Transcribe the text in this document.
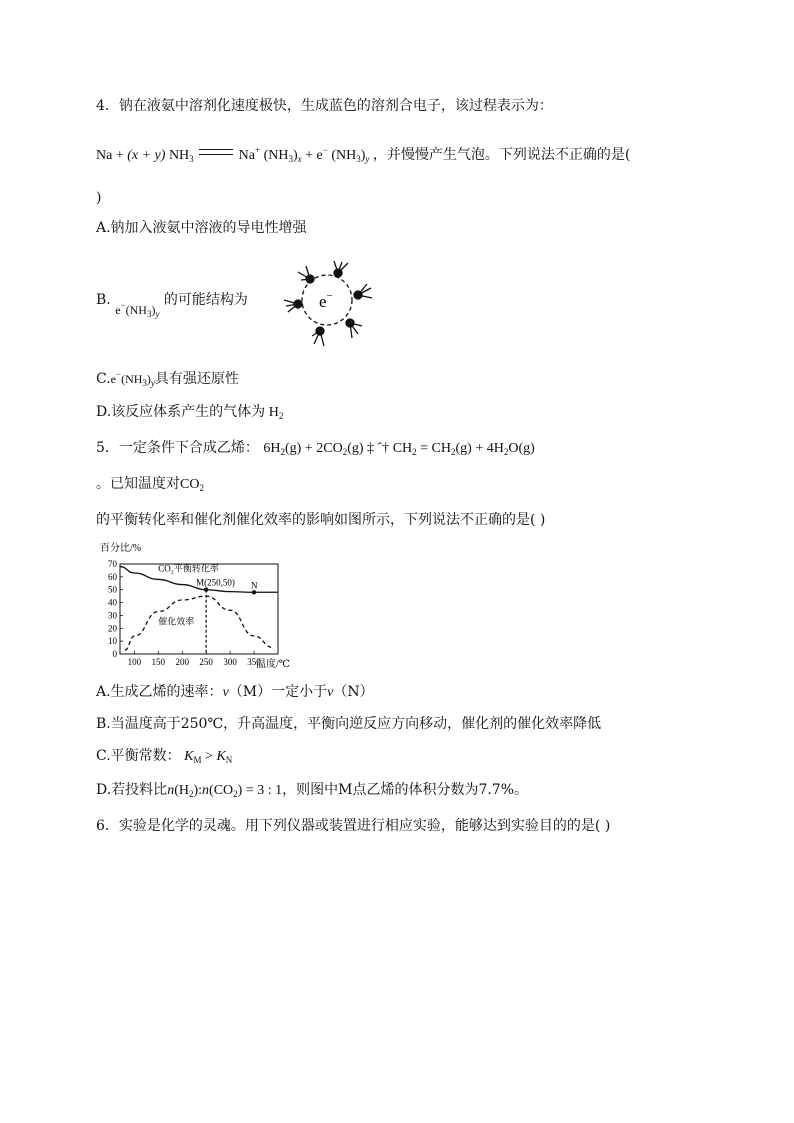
4．钠在液氨中溶剂化速度极快，生成蓝色的溶剂合电子，该过程表示为：
Na + (x + y) $NH_3$	Na+ $(NH_3)_x + e^-$ $(NH_3)_y$ ，并慢慢产生气泡。下列说法不正确的是(
)
A.钠加入液氨中溶液的导电性增强
B. $e^-(NH_3)_y$ 的可能结构为	e−
$C.e^-(NH_3)_y$具有强还原性
D.该反应体系产生的气体为 $H_2$
5．一定条件下合成乙烯： $6H_2(g) + 2CO_2(g)$ ‡ ˆ† $CH_2 = CH_2(g) + 4H_2O(g)$
。已知温度对$CO_2$
的平衡转化率和催化剂催化效率的影响如图所示，下列说法不正确的是( )
百分比/%
温度/℃
0
10
20
30
40
50
60
70
100 150 200 250 300 350
CO₂平衡转化率
催化效率
M(250,50) N
A.生成乙烯的速率：v（M）一定小于v（N）
B.当温度高于250℃，升高温度，平衡向逆反应方向移动，催化剂的催化效率降低
C.平衡常数： $K_M > K_N$
D.若投料比$n(H_2):n(CO_2) = 3$ : 1，则图中M点乙烯的体积分数为7.7%。
6．实验是化学的灵魂。用下列仪器或装置进行相应实验，能够达到实验目的的是( )
